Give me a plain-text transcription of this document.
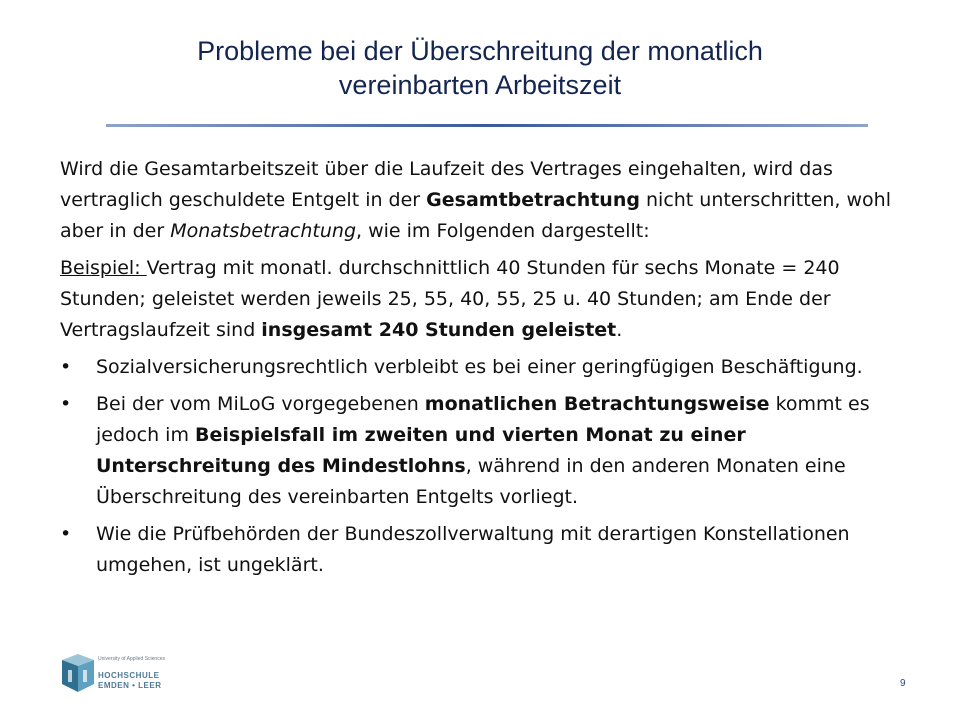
Probleme bei der Überschreitung der monatlich
vereinbarten Arbeitszeit

Wird die Gesamtarbeitszeit über die Laufzeit des Vertrages eingehalten, wird das vertraglich geschuldete Entgelt in der Gesamtbetrachtung nicht unterschritten, wohl aber in der Monatsbetrachtung, wie im Folgenden dargestellt:

Beispiel: Vertrag mit monatl. durchschnittlich 40 Stunden für sechs Monate = 240 Stunden; geleistet werden jeweils 25, 55, 40, 55, 25 u. 40 Stunden; am Ende der Vertragslaufzeit sind insgesamt 240 Stunden geleistet.

•	Sozialversicherungsrechtlich verbleibt es bei einer geringfügigen Beschäftigung.
•	Bei der vom MiLoG vorgegebenen monatlichen Betrachtungsweise kommt es jedoch im Beispielsfall im zweiten und vierten Monat zu einer Unterschreitung des Mindestlohns, während in den anderen Monaten eine Überschreitung des vereinbarten Entgelts vorliegt.
•	Wie die Prüfbehörden der Bundeszollverwaltung mit derartigen Konstellationen umgehen, ist ungeklärt.
University of Applied Sciences
HOCHSCHULE
EMDEN • LEER	9
